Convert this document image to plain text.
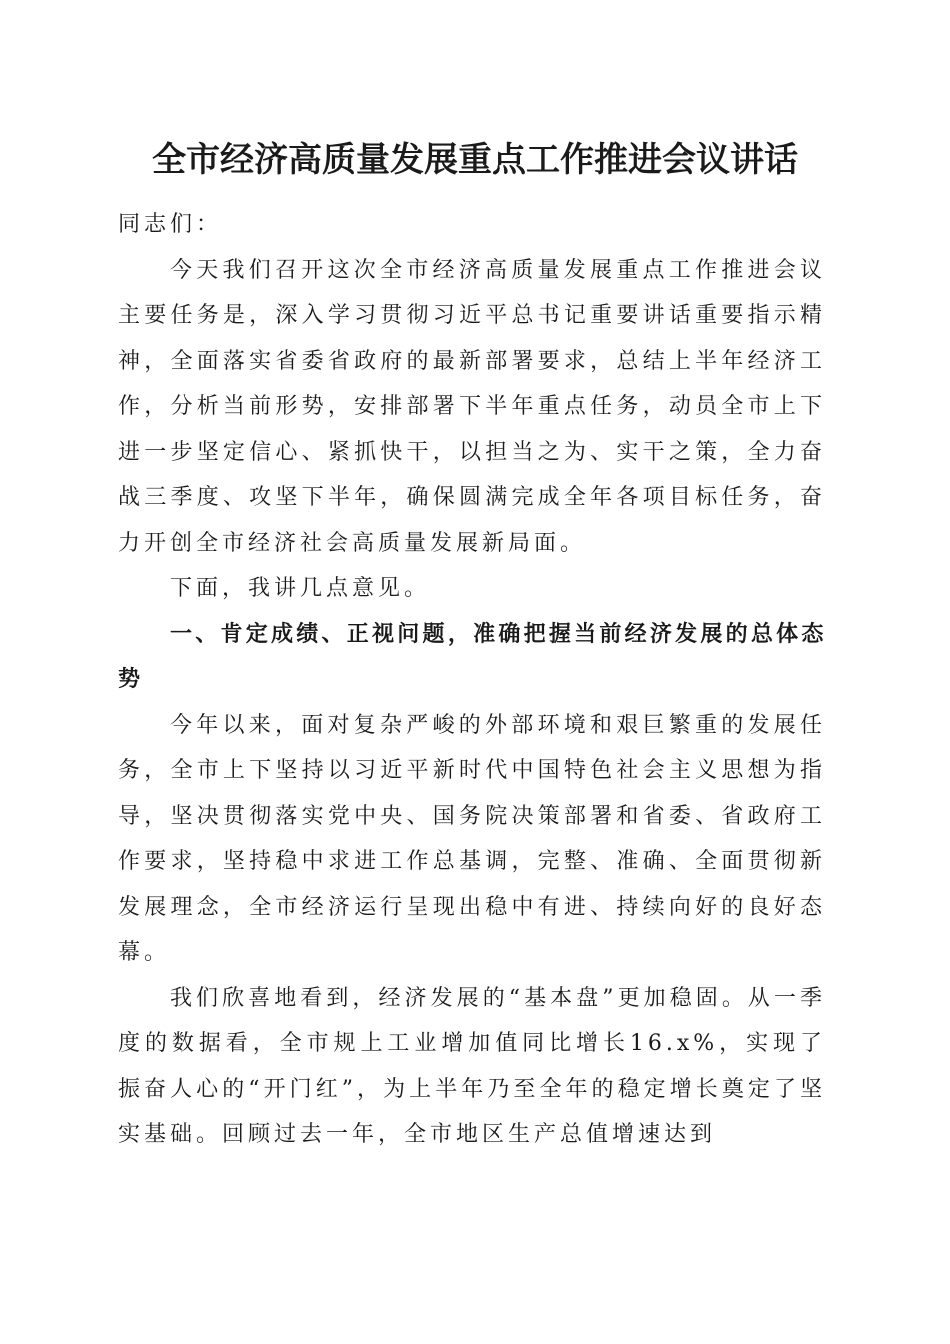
全市经济高质量发展重点工作推进会议讲话

同志们：

今天我们召开这次全市经济高质量发展重点工作推进会议主要任务是，深入学习贯彻习近平总书记重要讲话重要指示精神，全面落实省委省政府的最新部署要求，总结上半年经济工作，分析当前形势，安排部署下半年重点任务，动员全市上下进一步坚定信心、紧抓快干，以担当之为、实干之策，全力奋战三季度、攻坚下半年，确保圆满完成全年各项目标任务，奋力开创全市经济社会高质量发展新局面。

下面，我讲几点意见。

一、肯定成绩、正视问题，准确把握当前经济发展的总体态势

今年以来，面对复杂严峻的外部环境和艰巨繁重的发展任务，全市上下坚持以习近平新时代中国特色社会主义思想为指导，坚决贯彻落实党中央、国务院决策部署和省委、省政府工作要求，坚持稳中求进工作总基调，完整、准确、全面贯彻新发展理念，全市经济运行呈现出稳中有进、持续向好的良好态幕。

我们欣喜地看到，经济发展的“基本盘”更加稳固。从一季度的数据看，全市规上工业增加值同比增长16.x%，实现了振奋人心的“开门红”，为上半年乃至全年的稳定增长奠定了坚实基础。回顾过去一年，全市地区生产总值增速达到
